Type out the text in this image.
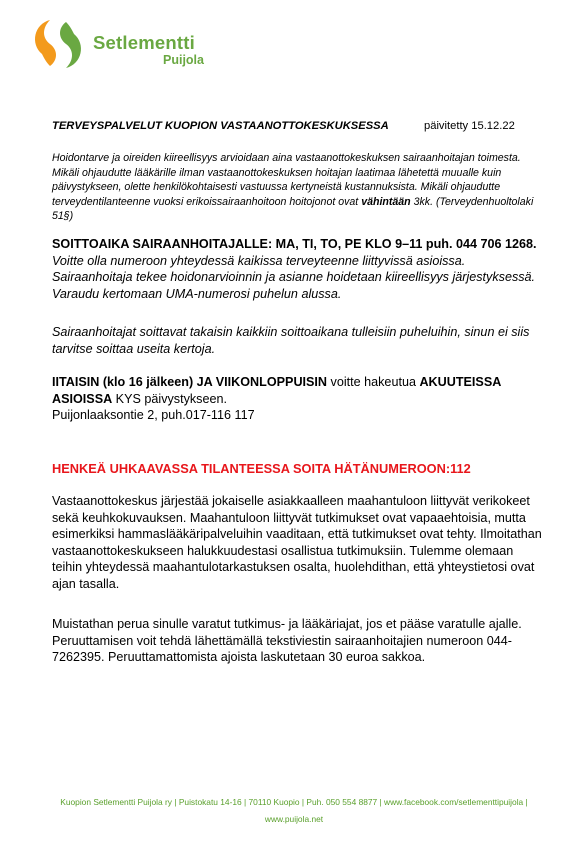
Setlementti
Puijola
TERVEYSPALVELUT KUOPION VASTAANOTTOKESKUKSESSA	päivitetty 15.12.22
Hoidontarve ja oireiden kiireellisyys arvioidaan aina vastaanottokeskuksen sairaanhoitajan toimesta. Mikäli ohjaudutte lääkärille ilman vastaanottokeskuksen hoitajan laatimaa lähetettä muualle kuin päivystykseen, olette henkilökohtaisesti vastuussa kertyneistä kustannuksista. Mikäli ohjaudutte terveydentilanteenne vuoksi erikoissairaanhoitoon hoitojonot ovat vähintään 3kk. (Terveydenhuoltolaki 51§)
SOITTOAIKA SAIRAANHOITAJALLE: MA, TI, TO, PE KLO 9–11 puh. 044 706 1268.
Voitte olla numeroon yhteydessä kaikissa terveyteenne liittyvissä asioissa. Sairaanhoitaja tekee hoidonarvioinnin ja asianne hoidetaan kiireellisyys järjestyksessä. Varaudu kertomaan UMA-numerosi puhelun alussa.
Sairaanhoitajat soittavat takaisin kaikkiin soittoaikana tulleisiin puheluihin, sinun ei siis tarvitse soittaa useita kertoja.
IITAISIN (klo 16 jälkeen) JA VIIKONLOPPUISIN voitte hakeutua AKUUTEISSA ASIOISSA KYS päivystykseen.
Puijonlaaksontie 2, puh.017-116 117
HENKEÄ UHKAAVASSA TILANTEESSA SOITA HÄTÄNUMEROON:112
Vastaanottokeskus järjestää jokaiselle asiakkaalleen maahantuloon liittyvät verikokeet sekä keuhkokuvauksen. Maahantuloon liittyvät tutkimukset ovat vapaaehtoisia, mutta esimerkiksi hammaslääkäripalveluihin vaaditaan, että tutkimukset ovat tehty. Ilmoitathan vastaanottokeskukseen halukkuudestasi osallistua tutkimuksiin. Tulemme olemaan teihin yhteydessä maahantulotarkastuksen osalta, huolehdithan, että yhteystietosi ovat ajan tasalla.
Muistathan perua sinulle varatut tutkimus- ja lääkäriajat, jos et pääse varatulle ajalle. Peruuttamisen voit tehdä lähettämällä tekstiviestin sairaanhoitajien numeroon 044-7262395. Peruuttamattomista ajoista laskutetaan 30 euroa sakkoa.
Kuopion Setlementti Puijola ry | Puistokatu 14-16 | 70110 Kuopio | Puh. 050 554 8877 | www.facebook.com/setlementtipuijola |
www.puijola.net
